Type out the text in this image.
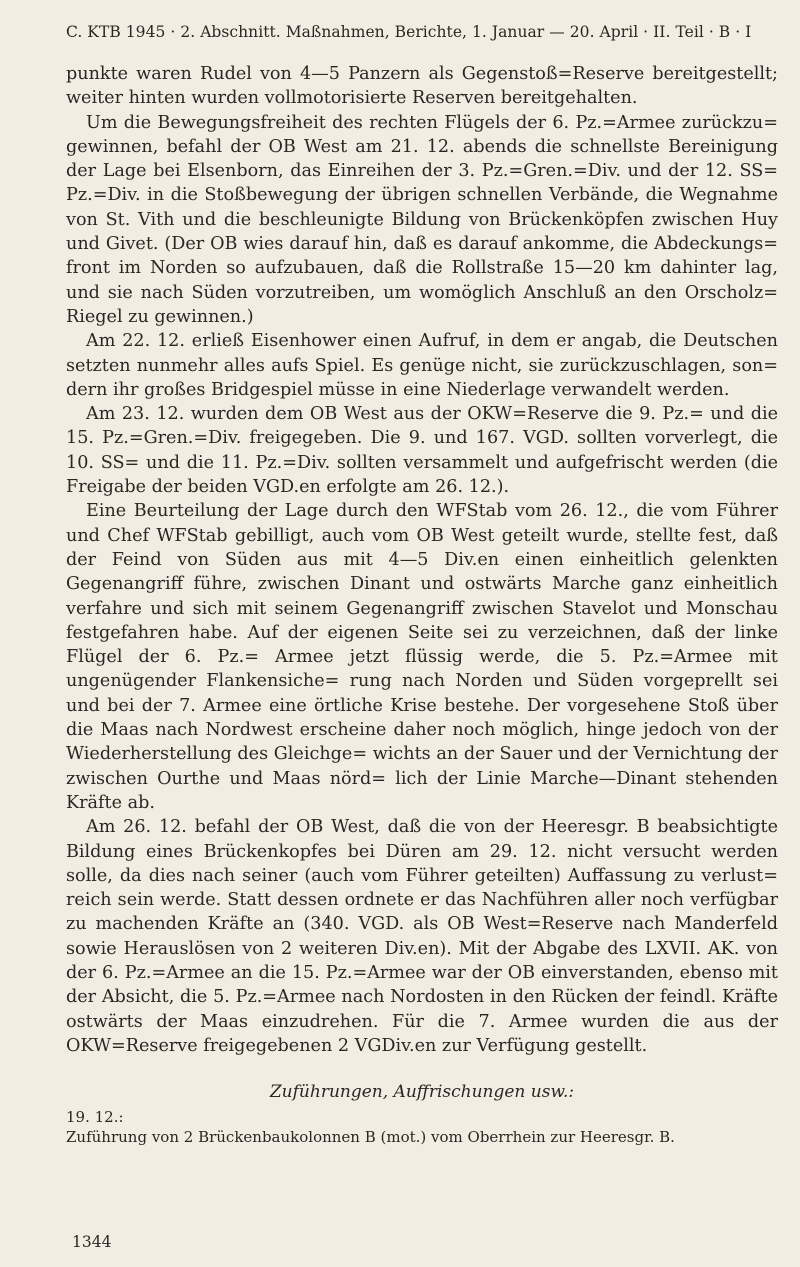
C. KTB 1945 · 2. Abschnitt. Maßnahmen, Berichte, 1. Januar — 20. April · II. Teil · B · I

punkte waren Rudel von 4—5 Panzern als Gegenstoß=Reserve bereitgestellt; weiter hinten wurden vollmotorisierte Reserven bereitgehalten.

Um die Bewegungsfreiheit des rechten Flügels der 6. Pz.=Armee zurückzu= gewinnen, befahl der OB West am 21. 12. abends die schnellste Bereinigung der Lage bei Elsenborn, das Einreihen der 3. Pz.=Gren.=Div. und der 12. SS= Pz.=Div. in die Stoßbewegung der übrigen schnellen Verbände, die Wegnahme von St. Vith und die beschleunigte Bildung von Brückenköpfen zwischen Huy und Givet. (Der OB wies darauf hin, daß es darauf ankomme, die Abdeckungs= front im Norden so aufzubauen, daß die Rollstraße 15—20 km dahinter lag, und sie nach Süden vorzutreiben, um womöglich Anschluß an den Orscholz= Riegel zu gewinnen.)

Am 22. 12. erließ Eisenhower einen Aufruf, in dem er angab, die Deutschen setzten nunmehr alles aufs Spiel. Es genüge nicht, sie zurückzuschlagen, son= dern ihr großes Bridgespiel müsse in eine Niederlage verwandelt werden.

Am 23. 12. wurden dem OB West aus der OKW=Reserve die 9. Pz.= und die 15. Pz.=Gren.=Div. freigegeben. Die 9. und 167. VGD. sollten vorverlegt, die 10. SS= und die 11. Pz.=Div. sollten versammelt und aufgefrischt werden (die Freigabe der beiden VGD.en erfolgte am 26. 12.).

Eine Beurteilung der Lage durch den WFStab vom 26. 12., die vom Führer und Chef WFStab gebilligt, auch vom OB West geteilt wurde, stellte fest, daß der Feind von Süden aus mit 4—5 Div.en einen einheitlich gelenkten Gegenangriff führe, zwischen Dinant und ostwärts Marche ganz einheitlich verfahre und sich mit seinem Gegenangriff zwischen Stavelot und Monschau festgefahren habe. Auf der eigenen Seite sei zu verzeichnen, daß der linke Flügel der 6. Pz.= Armee jetzt flüssig werde, die 5. Pz.=Armee mit ungenügender Flankensiche= rung nach Norden und Süden vorgeprellt sei und bei der 7. Armee eine örtliche Krise bestehe. Der vorgesehene Stoß über die Maas nach Nordwest erscheine daher noch möglich, hinge jedoch von der Wiederherstellung des Gleichge= wichts an der Sauer und der Vernichtung der zwischen Ourthe und Maas nörd= lich der Linie Marche—Dinant stehenden Kräfte ab.

Am 26. 12. befahl der OB West, daß die von der Heeresgr. B beabsichtigte Bildung eines Brückenkopfes bei Düren am 29. 12. nicht versucht werden solle, da dies nach seiner (auch vom Führer geteilten) Auffassung zu verlust= reich sein werde. Statt dessen ordnete er das Nachführen aller noch verfügbar zu machenden Kräfte an (340. VGD. als OB West=Reserve nach Manderfeld sowie Herauslösen von 2 weiteren Div.en). Mit der Abgabe des LXVII. AK. von der 6. Pz.=Armee an die 15. Pz.=Armee war der OB einverstanden, ebenso mit der Absicht, die 5. Pz.=Armee nach Nordosten in den Rücken der feindl. Kräfte ostwärts der Maas einzudrehen. Für die 7. Armee wurden die aus der OKW=Reserve freigegebenen 2 VGDiv.en zur Verfügung gestellt.

Zuführungen, Auffrischungen usw.:
19. 12.:
Zuführung von 2 Brückenbaukolonnen B (mot.) vom Oberrhein zur Heeresgr. B.
1344
